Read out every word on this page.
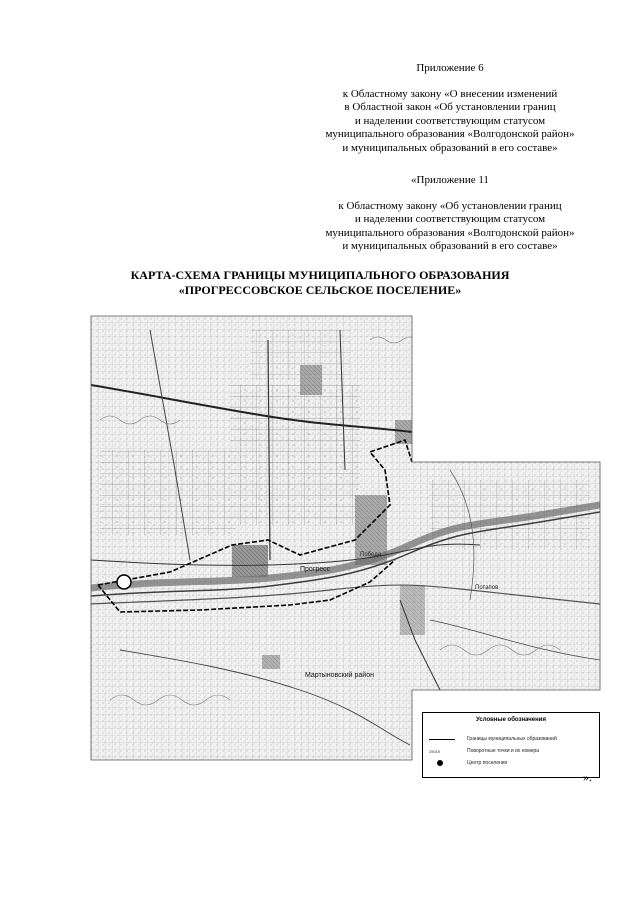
Приложение 6
к Областному закону «О внесении изменений
в Областной закон «Об установлении границ
и наделении соответствующим статусом
муниципального образования «Волгодонской район»
и муниципальных образований в его составе»
«Приложение 11
к Областному закону «Об установлении границ
и наделении соответствующим статусом
муниципального образования «Волгодонской район»
и муниципальных образований в его составе»
КАРТА-СХЕМА ГРАНИЦЫ МУНИЦИПАЛЬНОГО ОБРАЗОВАНИЯ
«ПРОГРЕССОВСКОЕ СЕЛЬСКОЕ ПОСЕЛЕНИЕ»
Прогресс
Победа
Мартыновский район
Потапов
Условные обозначения
Границы муниципальных образований
25019	Поворотные точки и их номера
Центр поселения
».
